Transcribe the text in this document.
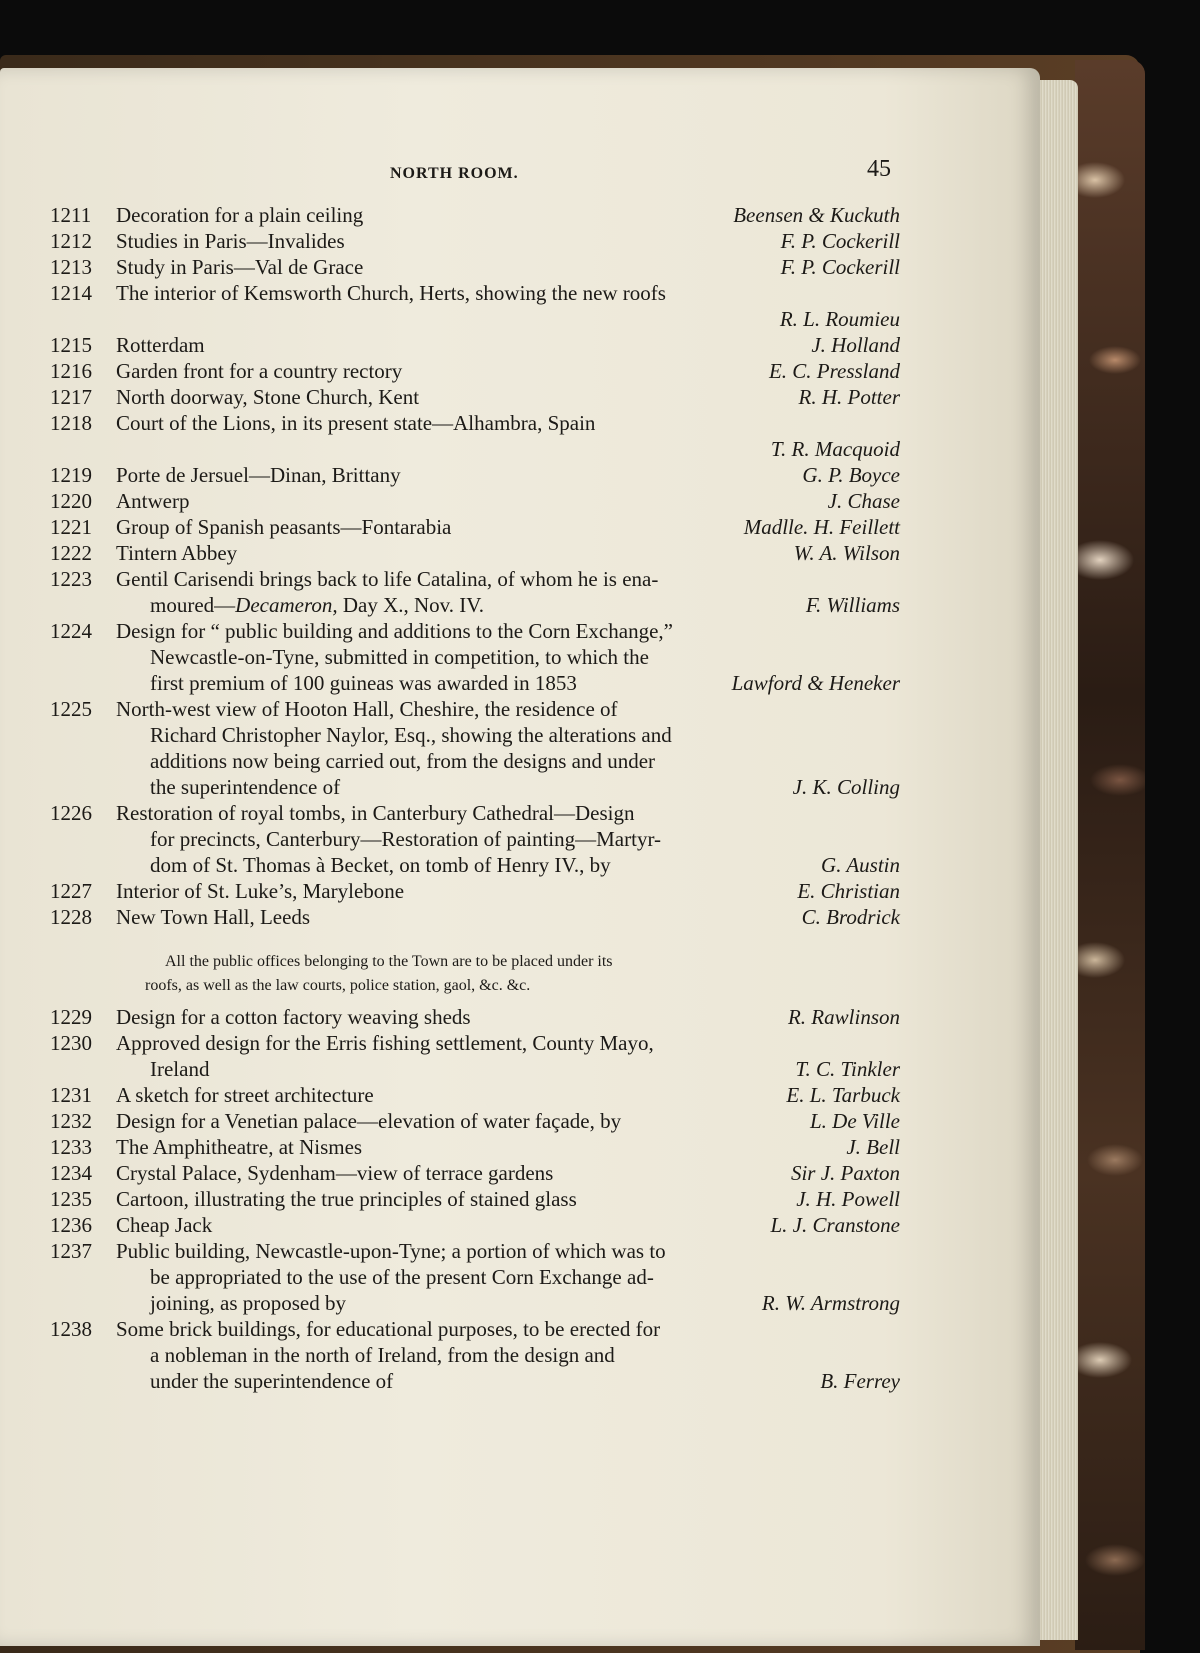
NORTH ROOM.	45
1211	Decoration for a plain ceiling	Beensen & Kuckuth
1212	Studies in Paris—Invalides	F. P. Cockerill
1213	Study in Paris—Val de Grace	F. P. Cockerill
1214	The interior of Kemsworth Church, Herts, showing the new roofs
R. L. Roumieu
1215	Rotterdam	J. Holland
1216	Garden front for a country rectory	E. C. Pressland
1217	North doorway, Stone Church, Kent	R. H. Potter
1218	Court of the Lions, in its present state—Alhambra, Spain
T. R. Macquoid
1219	Porte de Jersuel—Dinan, Brittany	G. P. Boyce
1220	Antwerp	J. Chase
1221	Group of Spanish peasants—Fontarabia	Madlle. H. Feillett
1222	Tintern Abbey	W. A. Wilson
1223	Gentil Carisendi brings back to life Catalina, of whom he is ena-
moured—Decameron, Day X., Nov. IV.	F. Williams
1224	Design for “ public building and additions to the Corn Exchange,”
Newcastle-on-Tyne, submitted in competition, to which the
first premium of 100 guineas was awarded in 1853	Lawford & Heneker
1225	North-west view of Hooton Hall, Cheshire, the residence of
Richard Christopher Naylor, Esq., showing the alterations and
additions now being carried out, from the designs and under
the superintendence of	J. K. Colling
1226	Restoration of royal tombs, in Canterbury Cathedral—Design
for precincts, Canterbury—Restoration of painting—Martyr-
dom of St. Thomas à Becket, on tomb of Henry IV., by	G. Austin
1227	Interior of St. Luke’s, Marylebone	E. Christian
1228	New Town Hall, Leeds	C. Brodrick
All the public offices belonging to the Town are to be placed under its
roofs, as well as the law courts, police station, gaol, &c. &c.
1229	Design for a cotton factory weaving sheds	R. Rawlinson
1230	Approved design for the Erris fishing settlement, County Mayo,
Ireland	T. C. Tinkler
1231	A sketch for street architecture	E. L. Tarbuck
1232	Design for a Venetian palace—elevation of water façade, by	L. De Ville
1233	The Amphitheatre, at Nismes	J. Bell
1234	Crystal Palace, Sydenham—view of terrace gardens	Sir J. Paxton
1235	Cartoon, illustrating the true principles of stained glass	J. H. Powell
1236	Cheap Jack	L. J. Cranstone
1237	Public building, Newcastle-upon-Tyne; a portion of which was to
be appropriated to the use of the present Corn Exchange ad-
joining, as proposed by	R. W. Armstrong
1238	Some brick buildings, for educational purposes, to be erected for
a nobleman in the north of Ireland, from the design and
under the superintendence of	B. Ferrey
